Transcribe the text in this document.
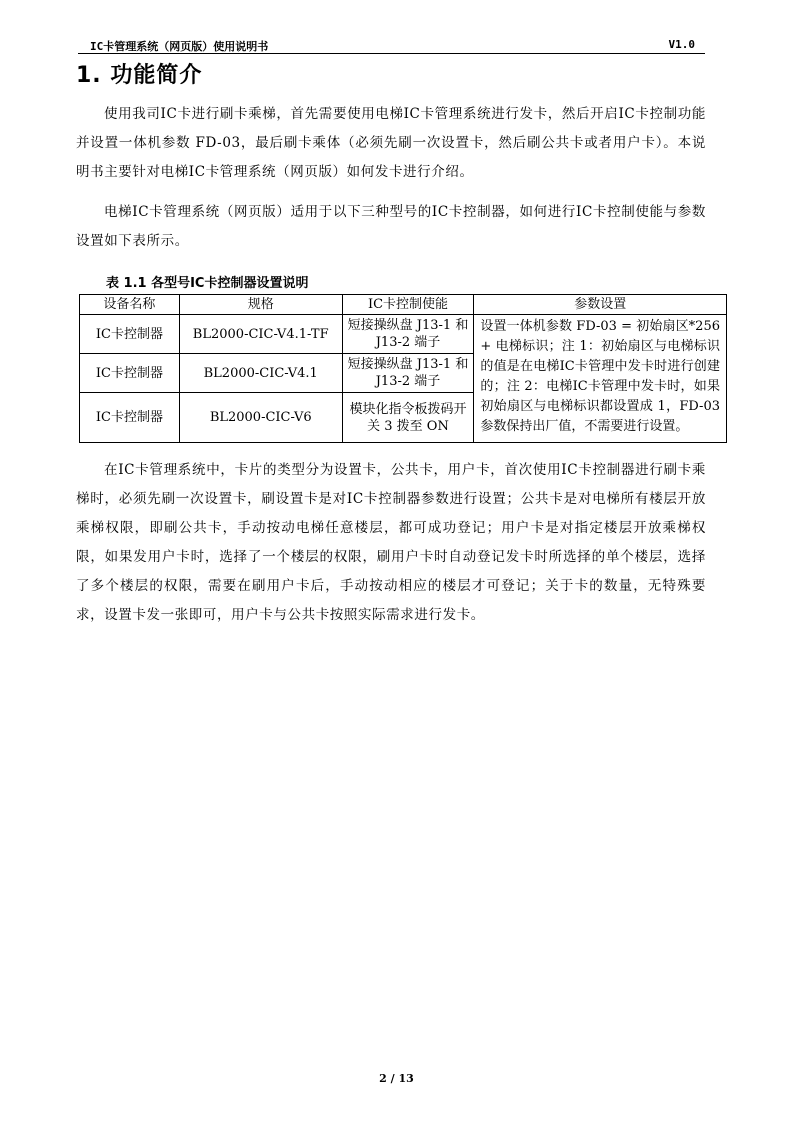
IC卡管理系统（网页版）使用说明书	V1.0
1. 功能简介

使用我司IC卡进行刷卡乘梯，首先需要使用电梯IC卡管理系统进行发卡，然后开启IC卡控制功能并设置一体机参数 FD-03，最后刷卡乘体（必须先刷一次设置卡，然后刷公共卡或者用户卡）。本说明书主要针对电梯IC卡管理系统（网页版）如何发卡进行介绍。

电梯IC卡管理系统（网页版）适用于以下三种型号的IC卡控制器，如何进行IC卡控制使能与参数设置如下表所示。

表 1.1 各型号IC卡控制器设置说明
设备名称	规格	IC卡控制使能	参数设置
IC卡控制器	BL2000-CIC-V4.1-TF	短接操纵盘 J13-1 和 J13-2 端子	设置一体机参数 FD-03 = 初始扇区*256 + 电梯标识；注 1：初始扇区与电梯标识的值是在电梯IC卡管理中发卡时进行创建的；注 2：电梯IC卡管理中发卡时，如果初始扇区与电梯标识都设置成 1，FD-03 参数保持出厂值，不需要进行设置。
IC卡控制器	BL2000-CIC-V4.1	短接操纵盘 J13-1 和 J13-2 端子	
IC卡控制器	BL2000-CIC-V6	模块化指令板拨码开关 3 拨至 ON	

在IC卡管理系统中，卡片的类型分为设置卡，公共卡，用户卡，首次使用IC卡控制器进行刷卡乘梯时，必须先刷一次设置卡，刷设置卡是对IC卡控制器参数进行设置；公共卡是对电梯所有楼层开放乘梯权限，即刷公共卡，手动按动电梯任意楼层，都可成功登记；用户卡是对指定楼层开放乘梯权限，如果发用户卡时，选择了一个楼层的权限，刷用户卡时自动登记发卡时所选择的单个楼层，选择了多个楼层的权限，需要在刷用户卡后，手动按动相应的楼层才可登记；关于卡的数量，无特殊要求，设置卡发一张即可，用户卡与公共卡按照实际需求进行发卡。

2 / 13
